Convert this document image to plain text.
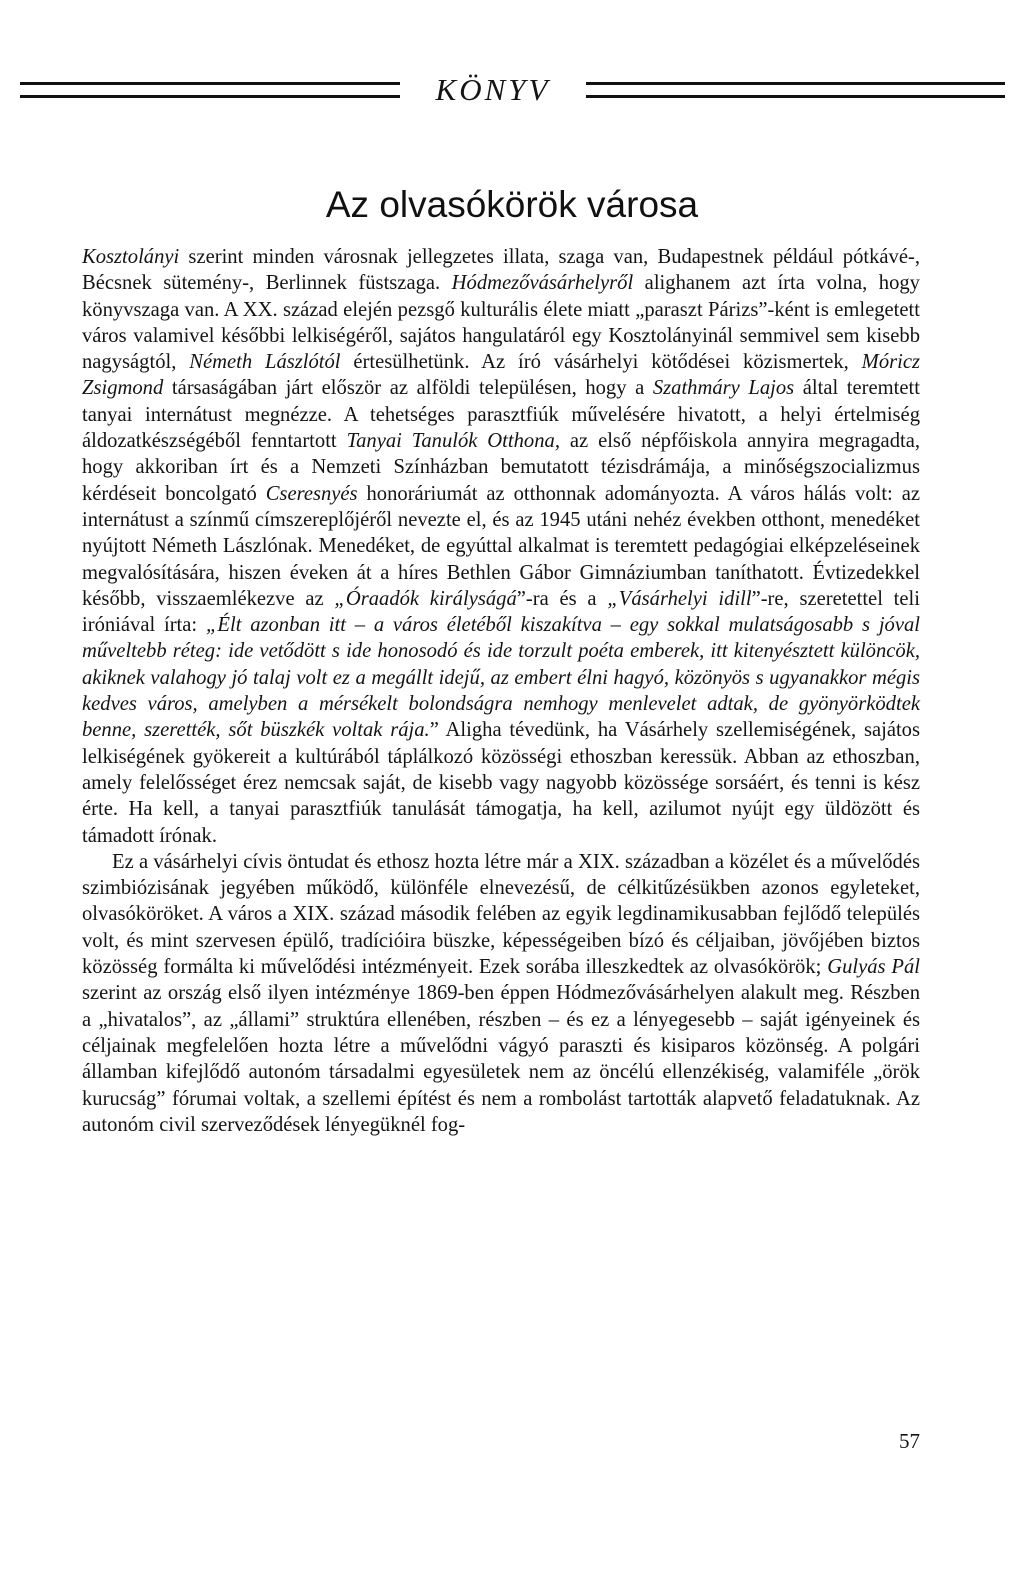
KÖNYV
Az olvasókörök városa

Kosztolányi szerint minden városnak jellegzetes illata, szaga van, Budapestnek például pótkávé-, Bécsnek sütemény-, Berlinnek füstszaga. Hódmezővásárhelyről alighanem azt írta volna, hogy könyvszaga van. A XX. század elején pezsgő kulturális élete miatt „paraszt Párizs”-ként is emlegetett város valamivel későbbi lelkiségéről, sajátos hangulatáról egy Kosztolányinál semmivel sem kisebb nagyságtól, Németh Lászlótól értesülhetünk. Az író vásárhelyi kötődései közismertek, Móricz Zsigmond társaságában járt először az alföldi településen, hogy a Szathmáry Lajos által teremtett tanyai internátust megnézze. A tehetséges parasztfiúk művelésére hivatott, a helyi értelmiség áldozatkészségéből fenntartott Tanyai Tanulók Otthona, az első népfőiskola annyira megragadta, hogy akkoriban írt és a Nemzeti Színházban bemutatott tézisdrámája, a minőségszocializmus kérdéseit boncolgató Cseresnyés honoráriumát az otthonnak adományozta. A város hálás volt: az internátust a színmű címszereplőjéről nevezte el, és az 1945 utáni nehéz években otthont, menedéket nyújtott Németh Lászlónak. Menedéket, de egyúttal alkalmat is teremtett pedagógiai elképzeléseinek megvalósítására, hiszen éveken át a híres Bethlen Gábor Gimnáziumban taníthatott. Évtizedekkel később, visszaemlékezve az „Óraadók királyságá”-ra és a „Vásárhelyi idill”-re, szeretettel teli iróniával írta: „Élt azonban itt – a város életéből kiszakítva – egy sokkal mulatságosabb s jóval műveltebb réteg: ide vetődött s ide honosodó és ide torzult poéta emberek, itt kitenyésztett különcök, akiknek valahogy jó talaj volt ez a megállt idejű, az embert élni hagyó, közönyös s ugyanakkor mégis kedves város, amelyben a mérsékelt bolondságra nemhogy menlevelet adtak, de gyönyörködtek benne, szerették, sőt büszkék voltak rája.” Aligha tévedünk, ha Vásárhely szellemiségének, sajátos lelkiségének gyökereit a kultúrából táplálkozó közösségi ethoszban keressük. Abban az ethoszban, amely felelősséget érez nemcsak saját, de kisebb vagy nagyobb közössége sorsáért, és tenni is kész érte. Ha kell, a tanyai parasztfiúk tanulását támogatja, ha kell, azilumot nyújt egy üldözött és támadott írónak.

Ez a vásárhelyi cívis öntudat és ethosz hozta létre már a XIX. században a közélet és a művelődés szimbiózisának jegyében működő, különféle elnevezésű, de célkitűzésükben azonos egyleteket, olvasóköröket. A város a XIX. század második felében az egyik legdinamikusabban fejlődő település volt, és mint szervesen épülő, tradícióira büszke, képességeiben bízó és céljaiban, jövőjében biztos közösség formálta ki művelődési intézményeit. Ezek sorába illeszkedtek az olvasókörök; Gulyás Pál szerint az ország első ilyen intézménye 1869-ben éppen Hódmezővásárhelyen alakult meg. Részben a „hivatalos”, az „állami” struktúra ellenében, részben – és ez a lényegesebb – saját igényeinek és céljainak megfelelően hozta létre a művelődni vágyó paraszti és kisiparos közönség. A polgári államban kifejlődő autonóm társadalmi egyesületek nem az öncélú ellenzékiség, valamiféle „örök kurucság” fórumai voltak, a szellemi építést és nem a rombolást tartották alapvető feladatuknak. Az autonóm civil szerveződések lényegüknél fog-

57
